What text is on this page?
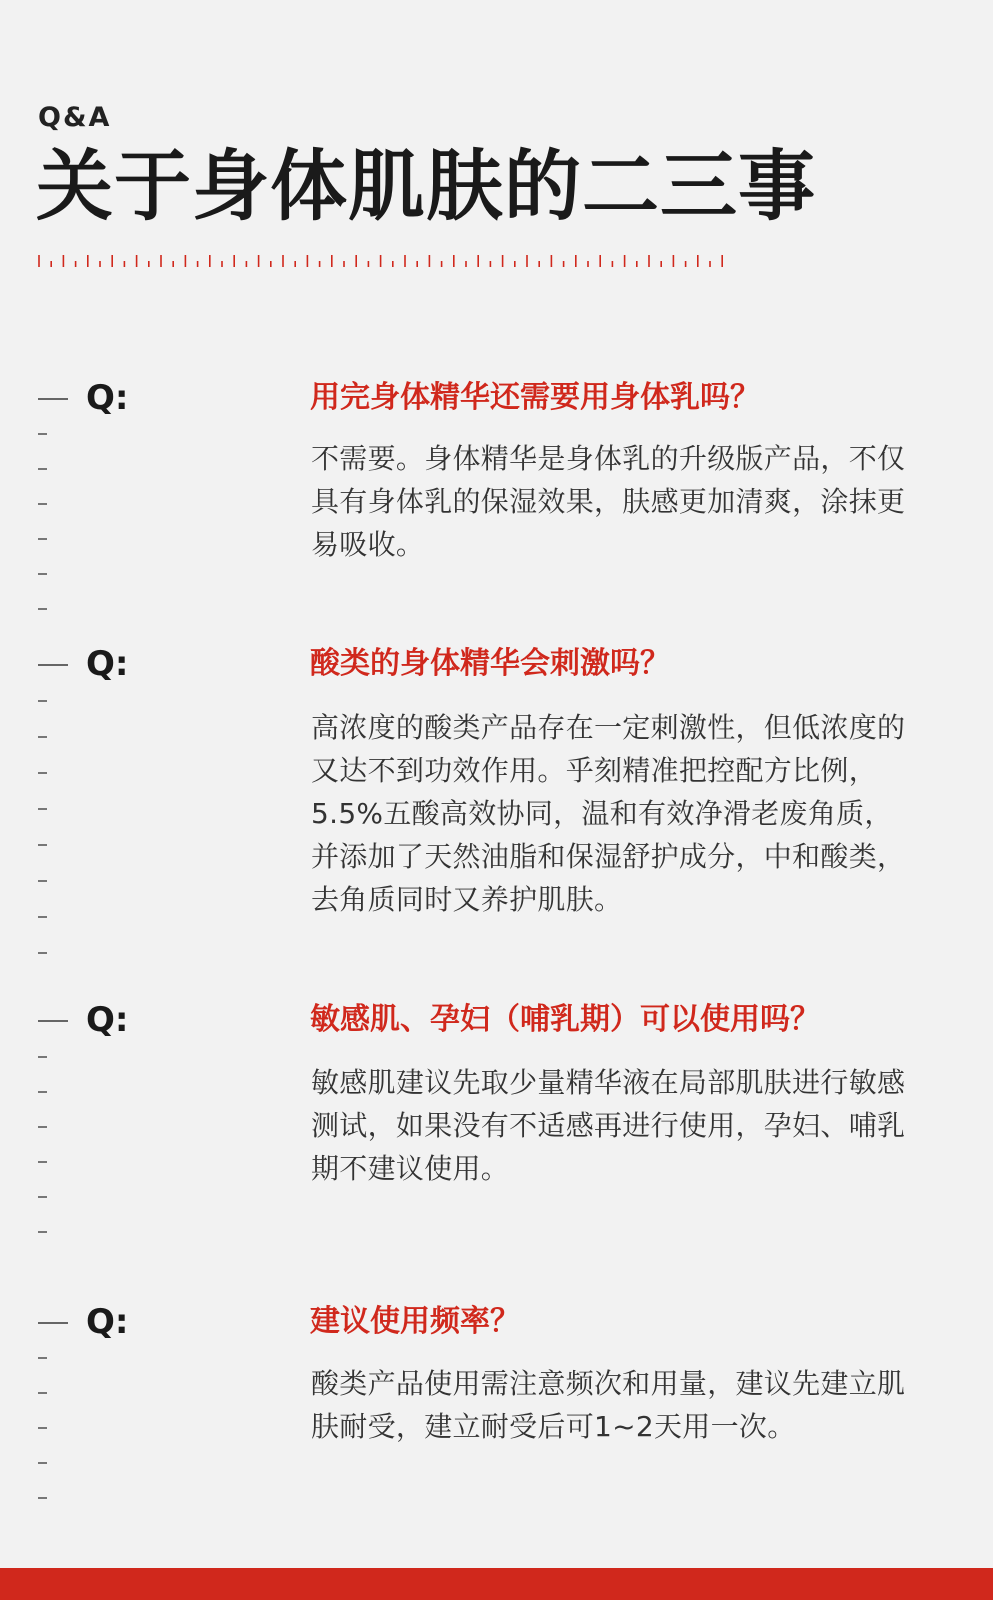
Q&A
关于身体肌肤的二三事
Q:	用完身体精华还需要用身体乳吗？
不需要。身体精华是身体乳的升级版产品，不仅具有身体乳的保湿效果，肤感更加清爽，涂抹更易吸收。
Q:	酸类的身体精华会刺激吗？
高浓度的酸类产品存在一定刺激性，但低浓度的又达不到功效作用。乎刻精准把控配方比例，5.5%五酸高效协同，温和有效净滑老废角质，并添加了天然油脂和保湿舒护成分，中和酸类，去角质同时又养护肌肤。
Q:	敏感肌、孕妇（哺乳期）可以使用吗？
敏感肌建议先取少量精华液在局部肌肤进行敏感测试，如果没有不适感再进行使用，孕妇、哺乳期不建议使用。
Q:	建议使用频率？
酸类产品使用需注意频次和用量，建议先建立肌肤耐受，建立耐受后可1~2天用一次。
